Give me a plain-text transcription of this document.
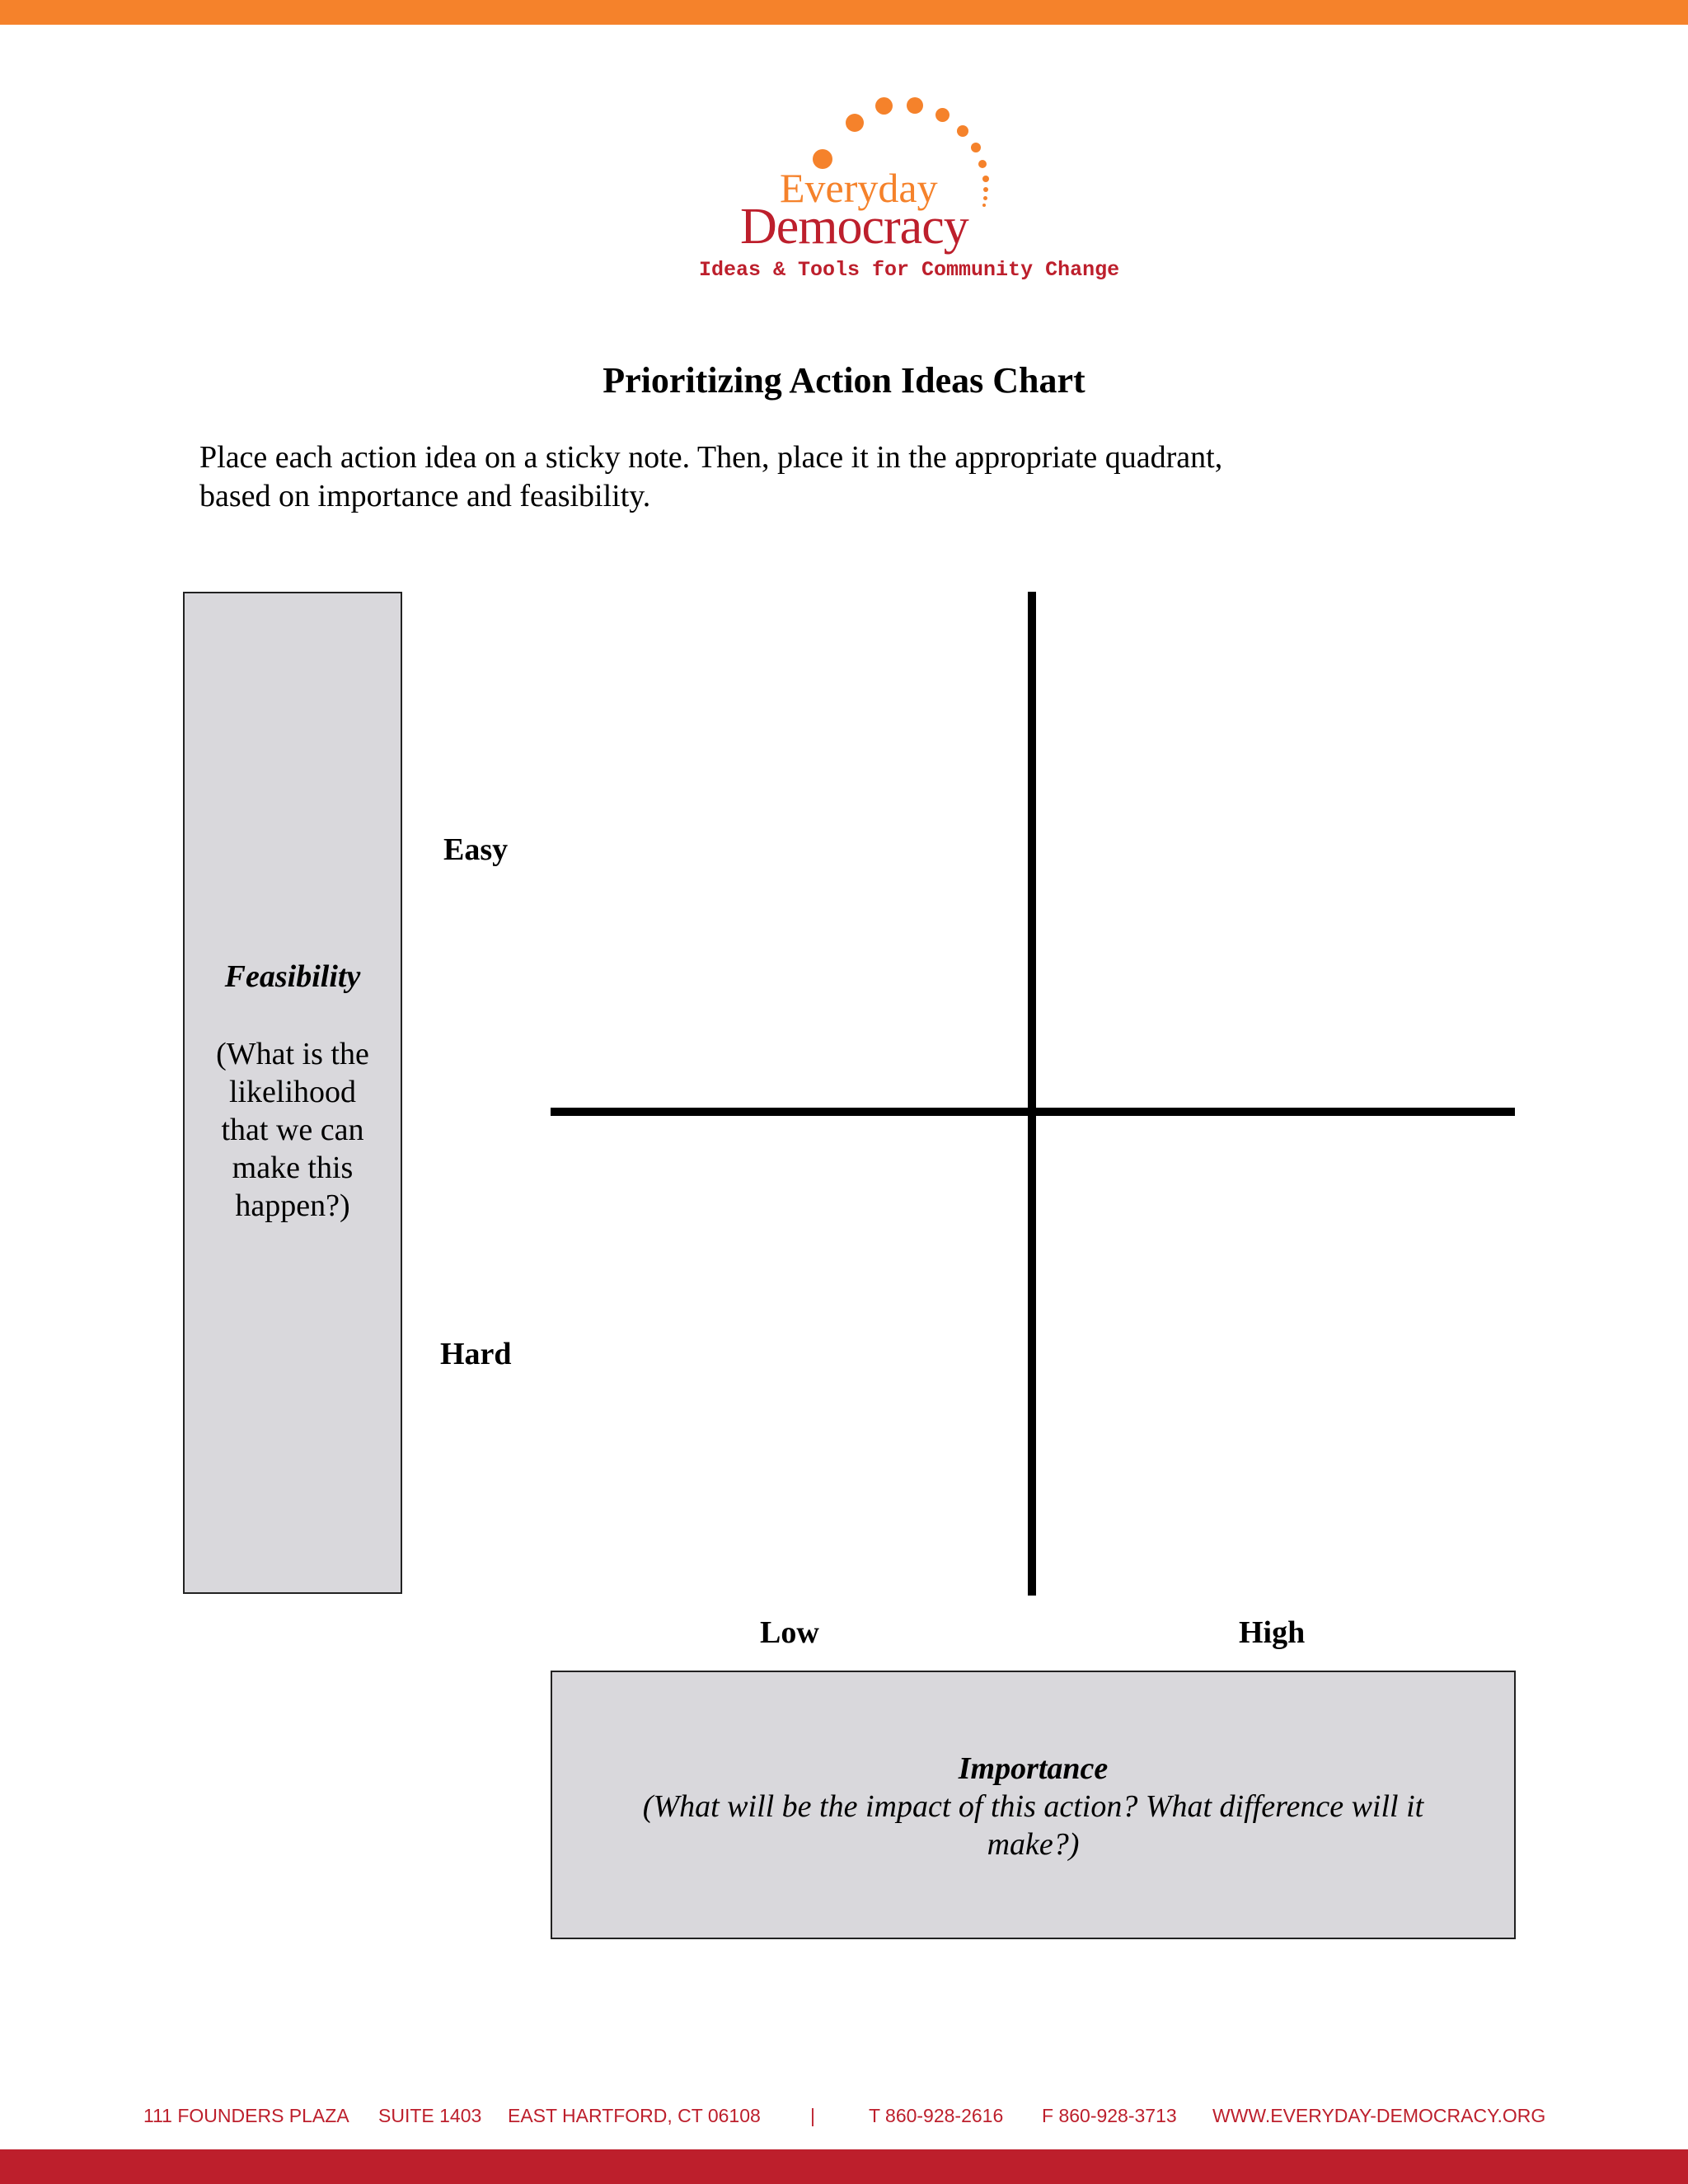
Everyday
Democracy
Ideas & Tools for Community Change
Prioritizing Action Ideas Chart
Place each action idea on a sticky note. Then, place it in the appropriate quadrant,
based on importance and feasibility.
Feasibility
(What is the
likelihood
that we can
make this
happen?)
Easy
Hard
Low	High
Importance
(What will be the impact of this action? What difference will it make?)
111 FOUNDERS PLAZA SUITE 1403 EAST HARTFORD, CT 06108	|	T 860-928-2616 F 860-928-3713 WWW.EVERYDAY-DEMOCRACY.ORG
